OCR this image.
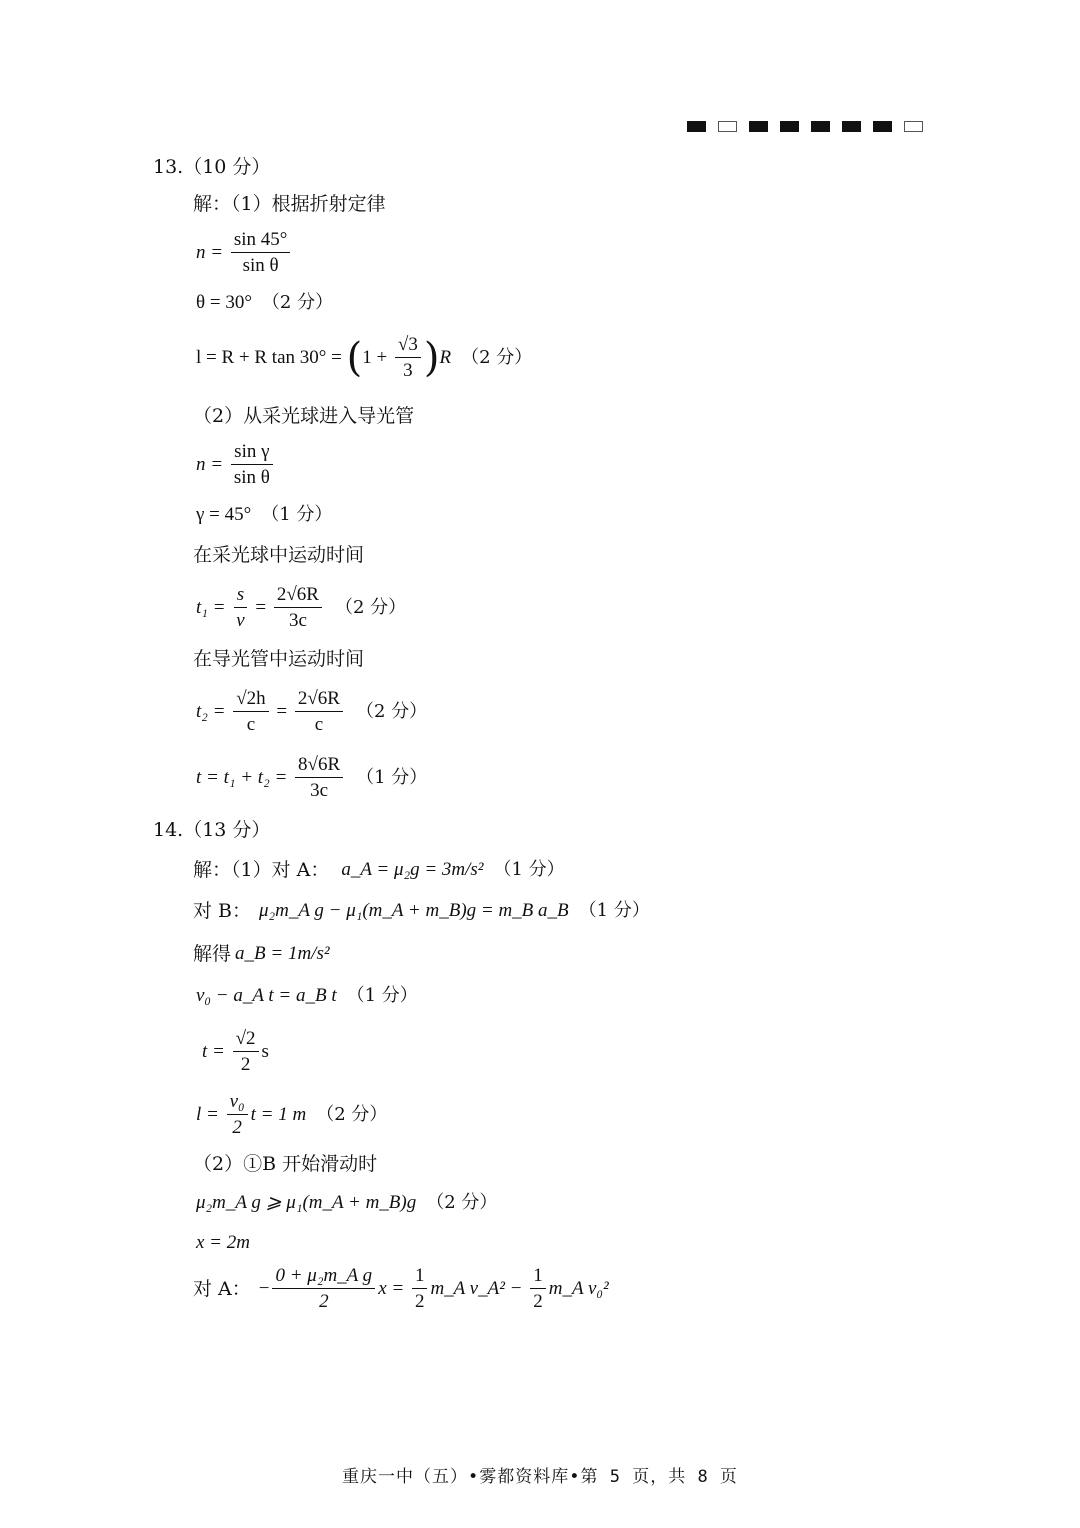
13.（10 分）
解：（1）根据折射定律
$n = \frac{\sin 45^\circ}{\text{sin θ}}$
θ = 30° （2 分）
l = R + R tan 30° = ( $1 + \frac{√3}{3}$ ) R （2 分）
（2）从采光球进入导光管
$n = \frac{\text{sin γ}}{\text{sin θ}}$
γ = 45° （1 分）
在采光球中运动时间
$t_1 = \frac{s}{v} = \frac{2√6R}{3c} (2$ 分）
在导光管中运动时间
$t_2 = \frac{√2h}{c} = \frac{2√6R}{c} (2$ 分）
$t = t_1 + t_2 = \frac{8√6R}{3c} (1$ 分）
14.（13 分）
解：（1）对 A： a_A = μ₂g = 3m/s² （1 分）
对 B： μ₂m_A g − μ₁(m_A + m_B)g = m_B a_B （1 分）
解得 a_B = 1m/s²
v₀ − a_A t = a_B t （1 分）
$t = \frac{√2}{2}$ s
$l = \frac{\text{v₀}}{2}$ t = 1 m （2 分）
（2）①B 开始滑动时
μ₂m_A g ⩾ μ₁(m_A + m_B)g （2 分）
x = 2m
对 A： − $\frac{\text{0 + μ₂m\_A g}}{2}$ $x = \frac{1}{2}$ m_A v_A² − $\frac{1}{2}$ m_A v₀²
重庆一中（五）•雾都资料库•第 5 页，共 8 页
